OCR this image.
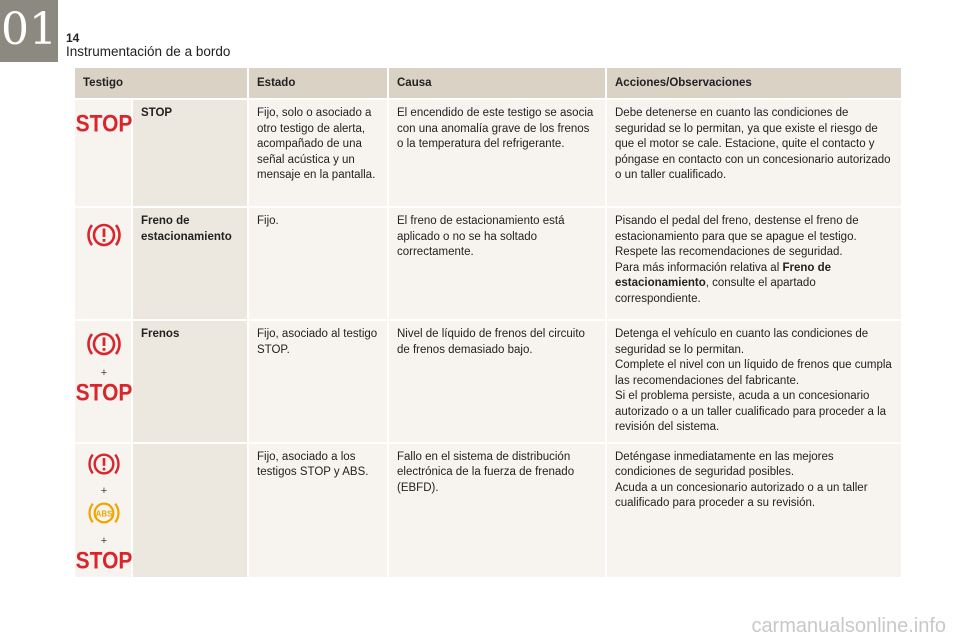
01 14
Instrumentación de a bordo
Testigo		Estado	Causa	Acciones/Observaciones

STOP	STOP	Fijo, solo o asociado a otro testigo de alerta, acompañado de una señal acústica y un mensaje en la pantalla.	El encendido de este testigo se asocia con una anomalía grave de los frenos o la temperatura del refrigerante.	Debe detenerse en cuanto las condiciones de seguridad se lo permitan, ya que existe el riesgo de que el motor se cale. Estacione, quite el contacto y póngase en contacto con un concesionario autorizado o un taller cualificado.
	Freno de estacionamiento	Fijo.	El freno de estacionamiento está aplicado o no se ha soltado correctamente.	Pisando el pedal del freno, destense el freno de estacionamiento para que se apague el testigo.
Respete las recomendaciones de seguridad.
Para más información relativa al Freno de estacionamiento, consulte el apartado correspondiente.

+
STOP	Frenos	Fijo, asociado al testigo STOP.	Nivel de líquido de frenos del circuito de frenos demasiado bajo.	Detenga el vehículo en cuanto las condiciones de seguridad se lo permitan.
Complete el nivel con un líquido de frenos que cumpla las recomendaciones del fabricante.
Si el problema persiste, acuda a un concesionario autorizado o a un taller cualificado para proceder a la revisión del sistema.

+
ABS
+
STOP		Fijo, asociado a los testigos STOP y ABS.	Fallo en el sistema de distribución electrónica de la fuerza de frenado (EBFD).	Deténgase inmediatamente en las mejores condiciones de seguridad posibles.
Acuda a un concesionario autorizado o a un taller cualificado para proceder a su revisión.
carmanualsonline.info
